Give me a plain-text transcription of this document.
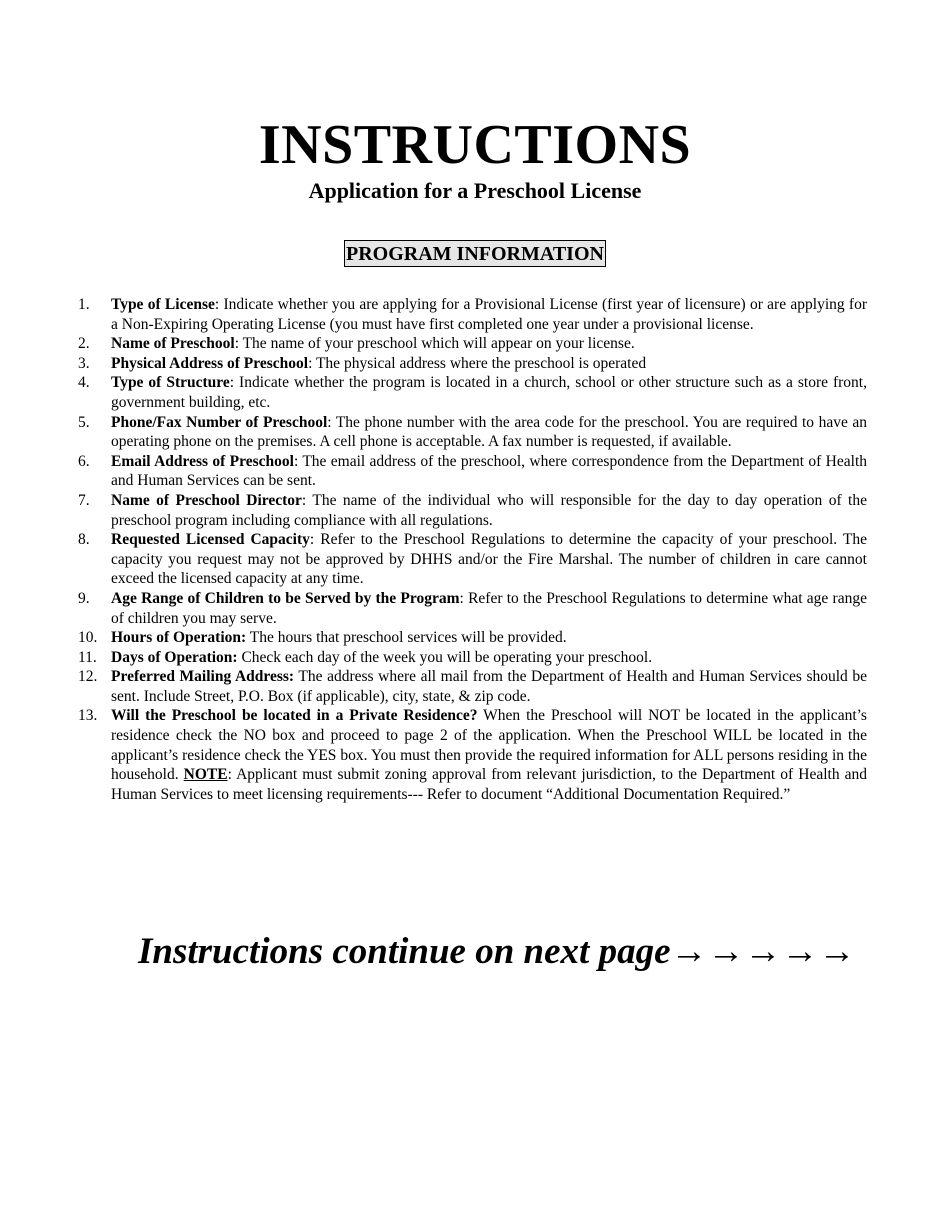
INSTRUCTIONS
Application for a Preschool License
PROGRAM INFORMATION
1.	Type of License: Indicate whether you are applying for a Provisional License (first year of licensure) or are applying for a Non-Expiring Operating License (you must have first completed one year under a provisional license.
2.	Name of Preschool: The name of your preschool which will appear on your license.
3.	Physical Address of Preschool: The physical address where the preschool is operated
4.	Type of Structure: Indicate whether the program is located in a church, school or other structure such as a store front, government building, etc.
5.	Phone/Fax Number of Preschool: The phone number with the area code for the preschool. You are required to have an operating phone on the premises. A cell phone is acceptable. A fax number is requested, if available.
6.	Email Address of Preschool: The email address of the preschool, where correspondence from the Department of Health and Human Services can be sent.
7.	Name of Preschool Director: The name of the individual who will responsible for the day to day operation of the preschool program including compliance with all regulations.
8.	Requested Licensed Capacity: Refer to the Preschool Regulations to determine the capacity of your preschool. The capacity you request may not be approved by DHHS and/or the Fire Marshal. The number of children in care cannot exceed the licensed capacity at any time.
9.	Age Range of Children to be Served by the Program: Refer to the Preschool Regulations to determine what age range of children you may serve.
10. Hours of Operation: The hours that preschool services will be provided.
11. Days of Operation: Check each day of the week you will be operating your preschool.
12. Preferred Mailing Address: The address where all mail from the Department of Health and Human Services should be sent. Include Street, P.O. Box (if applicable), city, state, & zip code.
13. Will the Preschool be located in a Private Residence? When the Preschool will NOT be located in the applicant’s residence check the NO box and proceed to page 2 of the application. When the Preschool WILL be located in the applicant’s residence check the YES box. You must then provide the required information for ALL persons residing in the household. NOTE: Applicant must submit zoning approval from relevant jurisdiction, to the Department of Health and Human Services to meet licensing requirements--- Refer to document “Additional Documentation Required.”
Instructions continue on next page→→→→→
